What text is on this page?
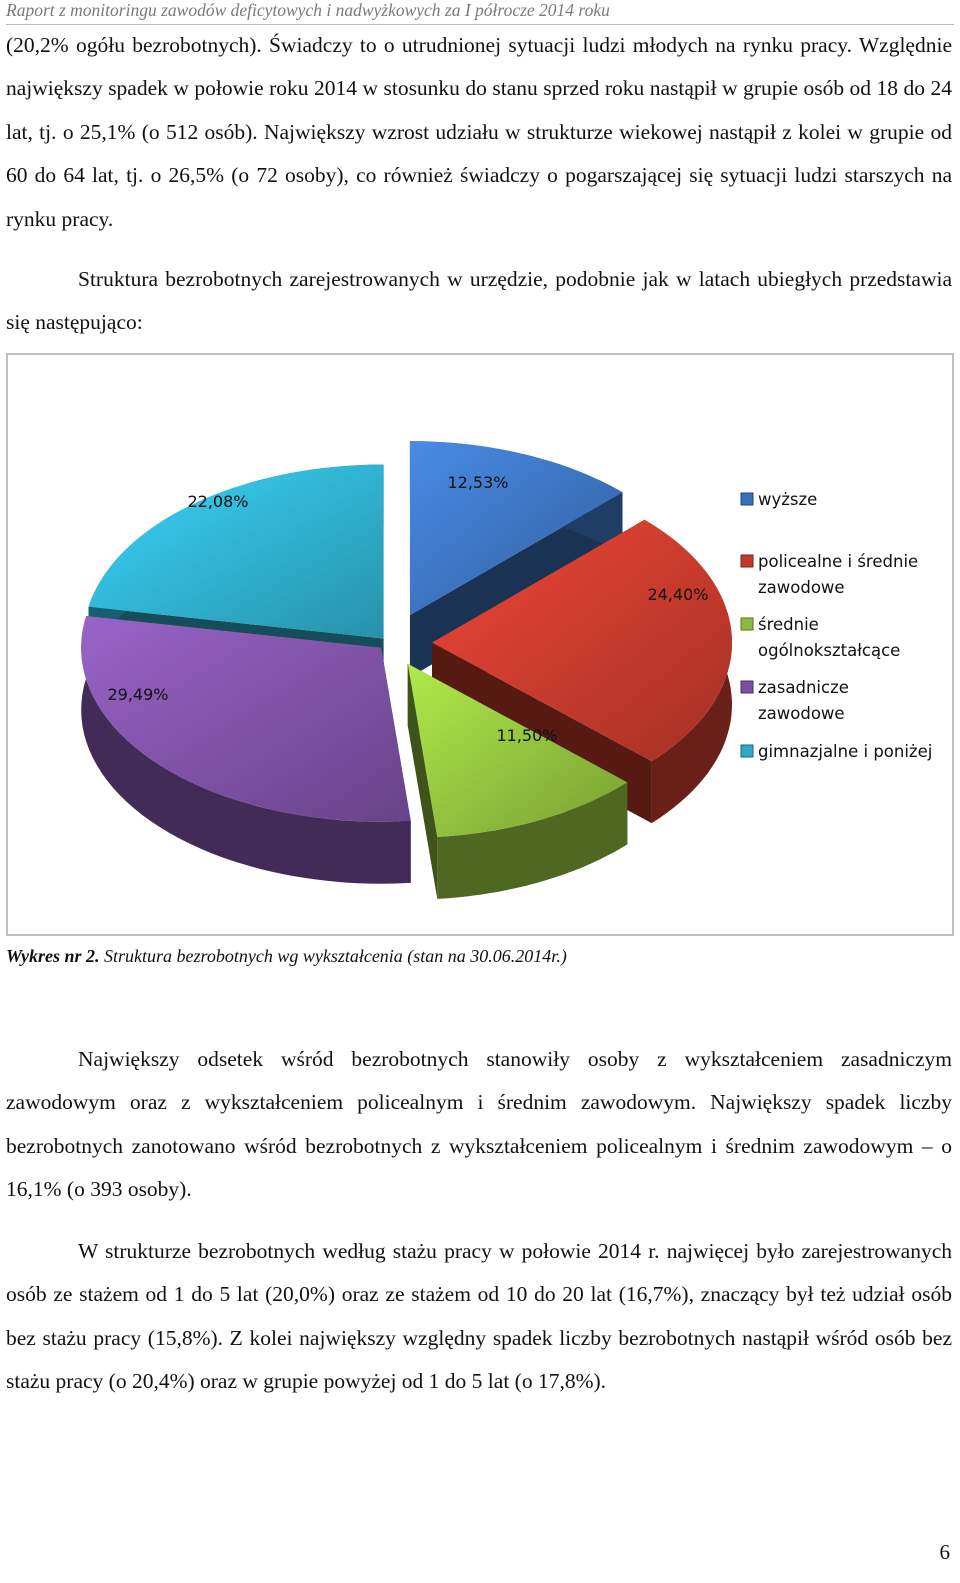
Raport z monitoringu zawodów deficytowych i nadwyżkowych za I półrocze 2014 roku

(20,2% ogółu bezrobotnych). Świadczy to o utrudnionej sytuacji ludzi młodych na rynku pracy. Względnie największy spadek w połowie roku 2014 w stosunku do stanu sprzed roku nastąpił w grupie osób od 18 do 24 lat, tj. o 25,1% (o 512 osób). Największy wzrost udziału w strukturze wiekowej nastąpił z kolei w grupie od 60 do 64 lat, tj. o 26,5% (o 72 osoby), co również świadczy o pogarszającej się sytuacji ludzi starszych na rynku pracy.

Struktura bezrobotnych zarejestrowanych w urzędzie, podobnie jak w latach ubiegłych przedstawia się następująco:

12,53%
24,40%
11,50%
29,49%
22,08%	wyższe
policealne i średnie
zawodowe
średnie
ogólnokształcące
zasadnicze
zawodowe
gimnazjalne i poniżej
Wykres nr 2. Struktura bezrobotnych wg wykształcenia (stan na 30.06.2014r.)

Największy odsetek wśród bezrobotnych stanowiły osoby z wykształceniem zasadniczym zawodowym oraz z wykształceniem policealnym i średnim zawodowym. Największy spadek liczby bezrobotnych zanotowano wśród bezrobotnych z wykształceniem policealnym i średnim zawodowym – o 16,1% (o 393 osoby).

W strukturze bezrobotnych według stażu pracy w połowie 2014 r. najwięcej było zarejestrowanych osób ze stażem od 1 do 5 lat (20,0%) oraz ze stażem od 10 do 20 lat (16,7%), znaczący był też udział osób bez stażu pracy (15,8%). Z kolei największy względny spadek liczby bezrobotnych nastąpił wśród osób bez stażu pracy (o 20,4%) oraz w grupie powyżej od 1 do 5 lat (o 17,8%).

6
